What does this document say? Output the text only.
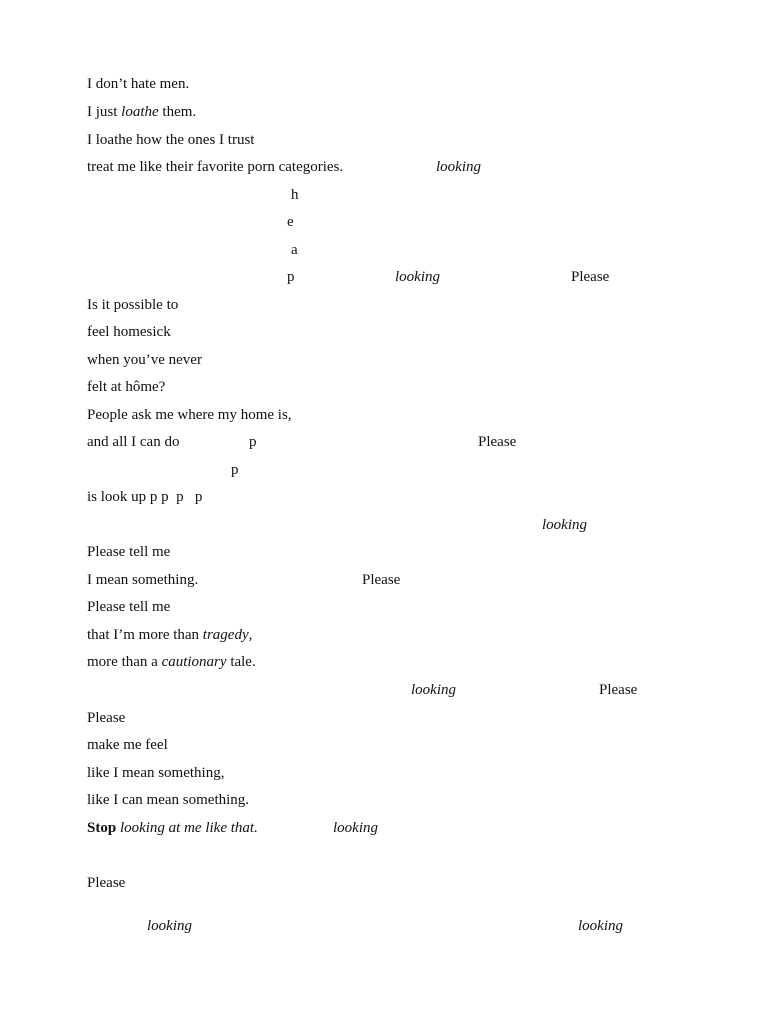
I don’t hate men.
I just loathe them.
I loathe how the ones I trust
treat me like their favorite porn categories.	looking
h
e
a
p	looking	Please
Is it possible to
feel homesick
when you’ve never
felt at hôme?
People ask me where my home is,
and all I can do	p	Please
p
is look up p p  p   p
looking
Please tell me
I mean something.	Please
Please tell me
that I’m more than tragedy,
more than a cautionary tale.
looking	Please
Please
make me feel
like I mean something,
like I can mean something.
Stop looking at me like that.	looking
Please
looking	looking
